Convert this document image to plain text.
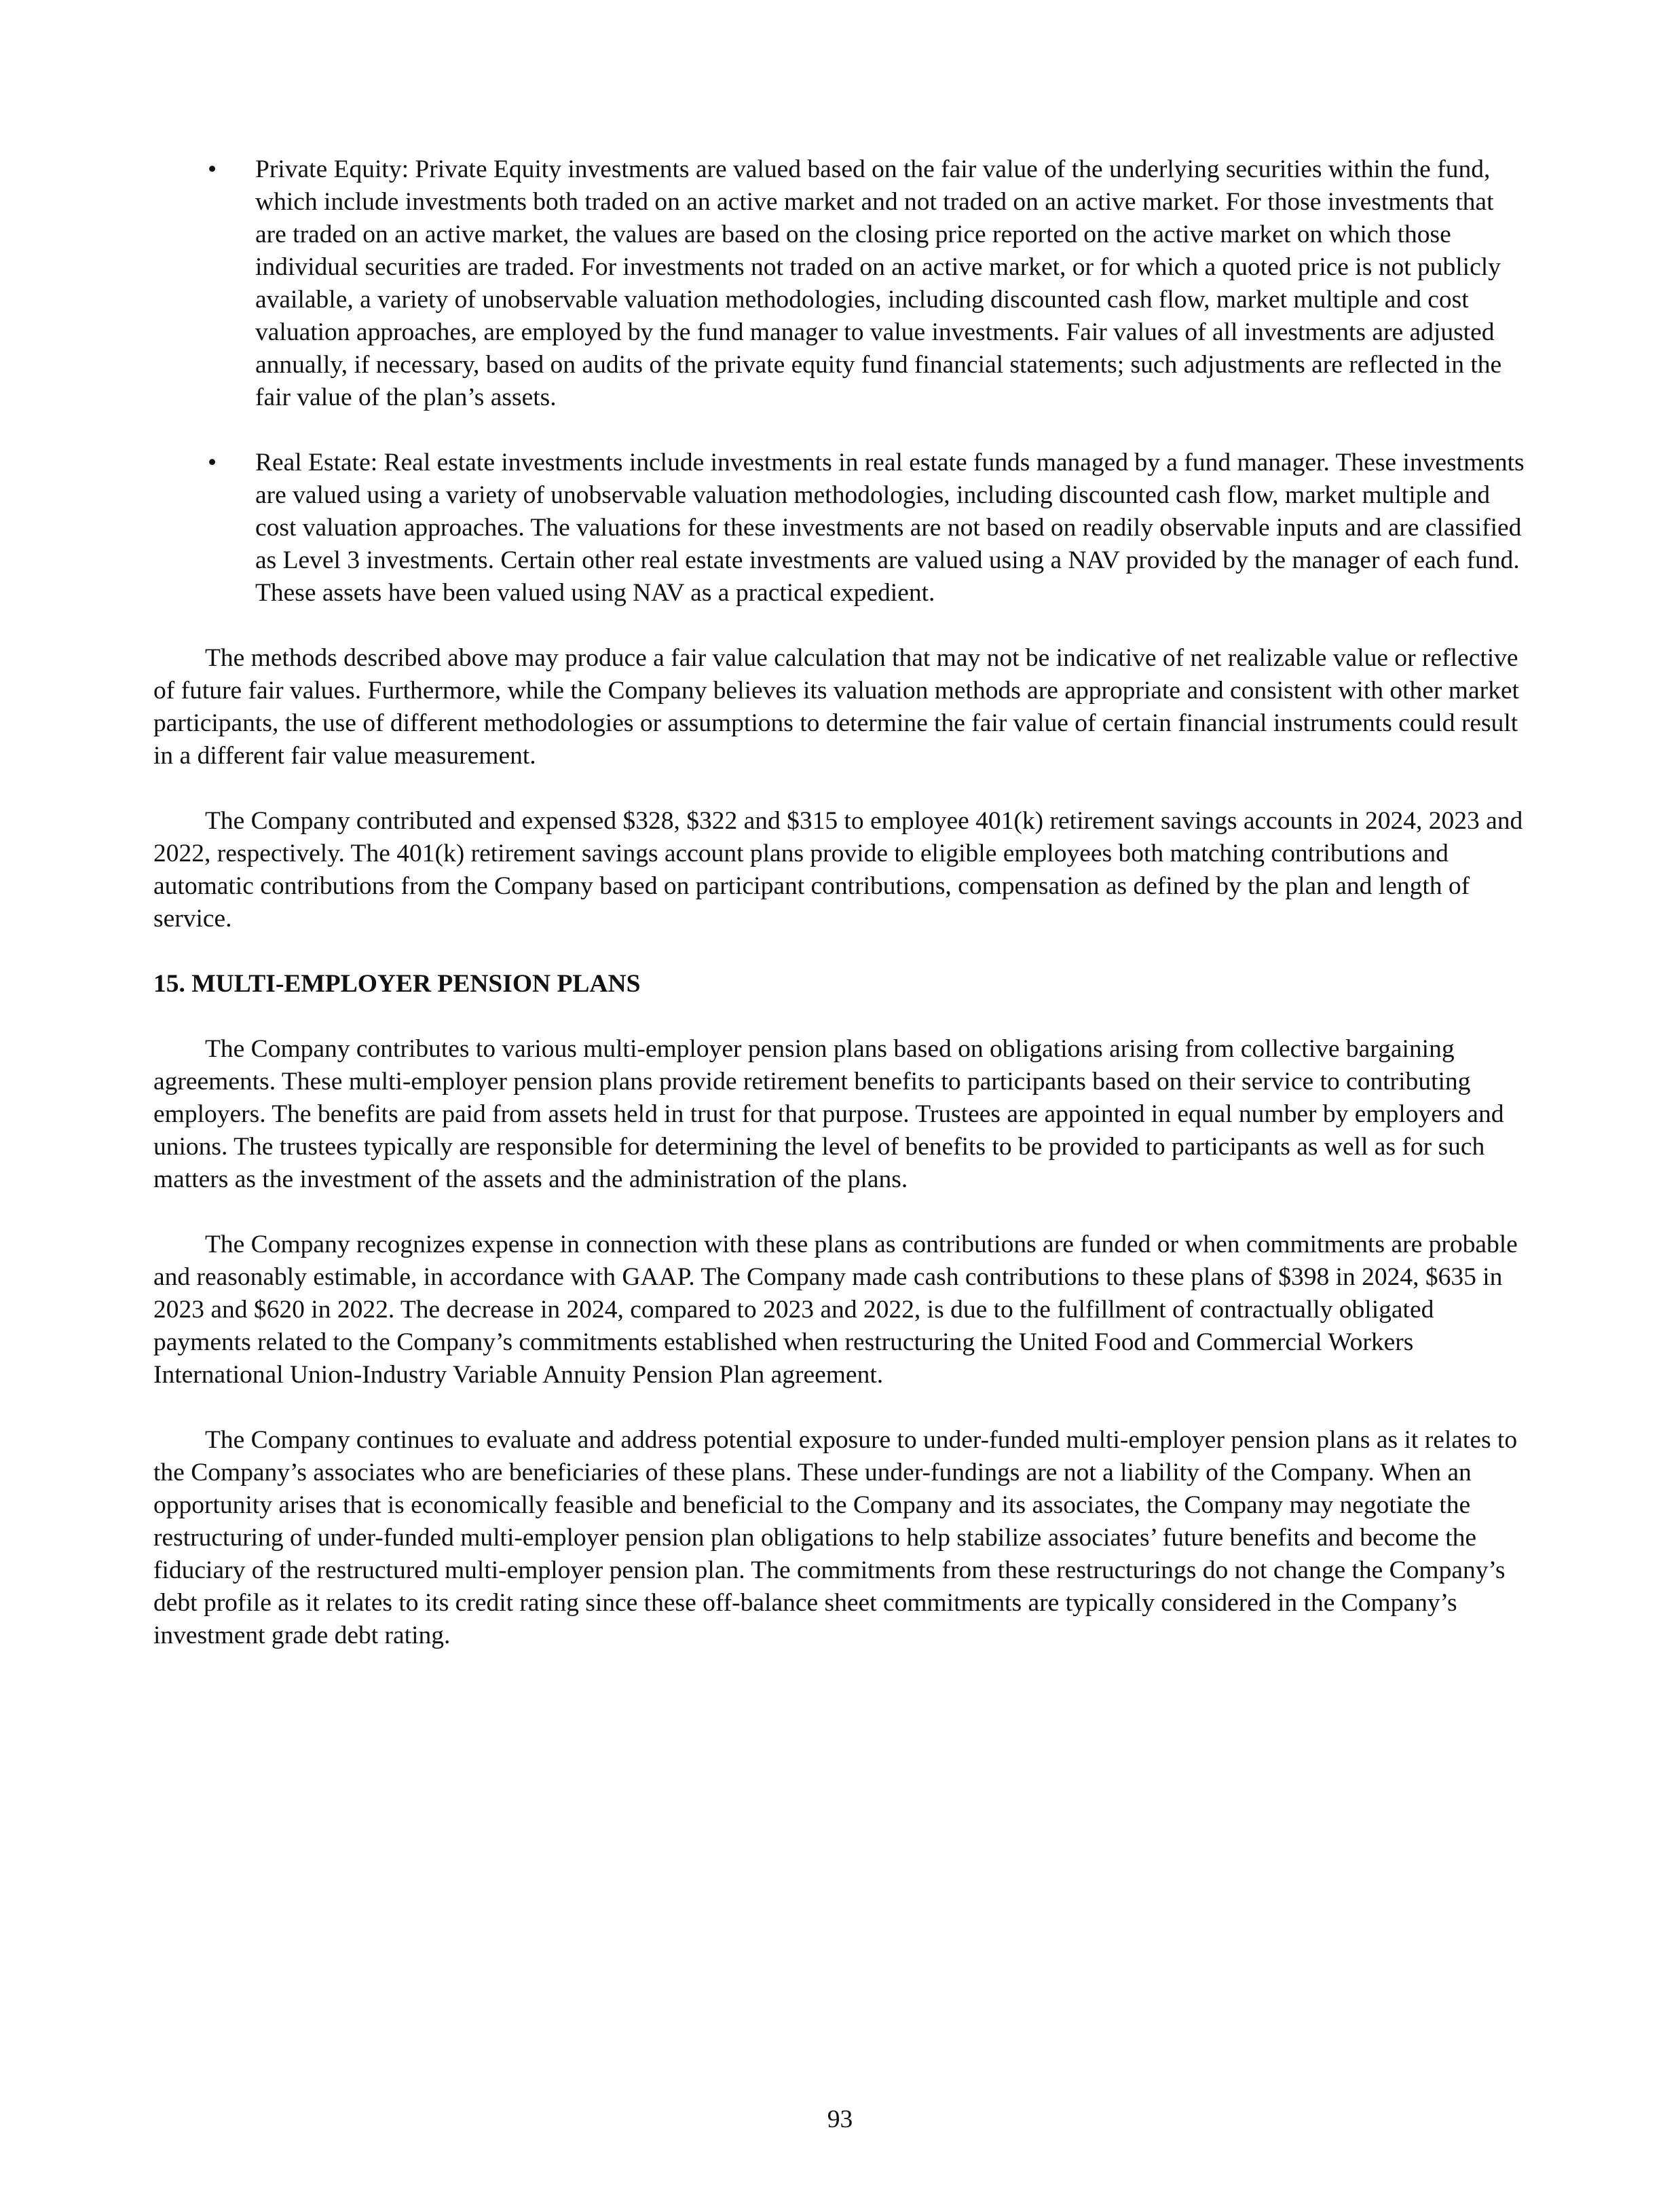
• Private Equity: Private Equity investments are valued based on the fair value of the underlying securities within the fund, which include investments both traded on an active market and not traded on an active market. For those investments that are traded on an active market, the values are based on the closing price reported on the active market on which those individual securities are traded. For investments not traded on an active market, or for which a quoted price is not publicly available, a variety of unobservable valuation methodologies, including discounted cash flow, market multiple and cost valuation approaches, are employed by the fund manager to value investments. Fair values of all investments are adjusted annually, if necessary, based on audits of the private equity fund financial statements; such adjustments are reflected in the fair value of the plan’s assets.
• Real Estate: Real estate investments include investments in real estate funds managed by a fund manager. These investments are valued using a variety of unobservable valuation methodologies, including discounted cash flow, market multiple and cost valuation approaches. The valuations for these investments are not based on readily observable inputs and are classified as Level 3 investments. Certain other real estate investments are valued using a NAV provided by the manager of each fund. These assets have been valued using NAV as a practical expedient.

The methods described above may produce a fair value calculation that may not be indicative of net realizable value or reflective of future fair values. Furthermore, while the Company believes its valuation methods are appropriate and consistent with other market participants, the use of different methodologies or assumptions to determine the fair value of certain financial instruments could result in a different fair value measurement.

The Company contributed and expensed $328, $322 and $315 to employee 401(k) retirement savings accounts in 2024, 2023 and 2022, respectively. The 401(k) retirement savings account plans provide to eligible employees both matching contributions and automatic contributions from the Company based on participant contributions, compensation as defined by the plan and length of service.

15. MULTI-EMPLOYER PENSION PLANS

The Company contributes to various multi-employer pension plans based on obligations arising from collective bargaining agreements. These multi-employer pension plans provide retirement benefits to participants based on their service to contributing employers. The benefits are paid from assets held in trust for that purpose. Trustees are appointed in equal number by employers and unions. The trustees typically are responsible for determining the level of benefits to be provided to participants as well as for such matters as the investment of the assets and the administration of the plans.

The Company recognizes expense in connection with these plans as contributions are funded or when commitments are probable and reasonably estimable, in accordance with GAAP. The Company made cash contributions to these plans of $398 in 2024, $635 in 2023 and $620 in 2022. The decrease in 2024, compared to 2023 and 2022, is due to the fulfillment of contractually obligated payments related to the Company’s commitments established when restructuring the United Food and Commercial Workers International Union-Industry Variable Annuity Pension Plan agreement.

The Company continues to evaluate and address potential exposure to under-funded multi-employer pension plans as it relates to the Company’s associates who are beneficiaries of these plans. These under-fundings are not a liability of the Company. When an opportunity arises that is economically feasible and beneficial to the Company and its associates, the Company may negotiate the restructuring of under-funded multi-employer pension plan obligations to help stabilize associates’ future benefits and become the fiduciary of the restructured multi-employer pension plan. The commitments from these restructurings do not change the Company’s debt profile as it relates to its credit rating since these off-balance sheet commitments are typically considered in the Company’s investment grade debt rating.

93
